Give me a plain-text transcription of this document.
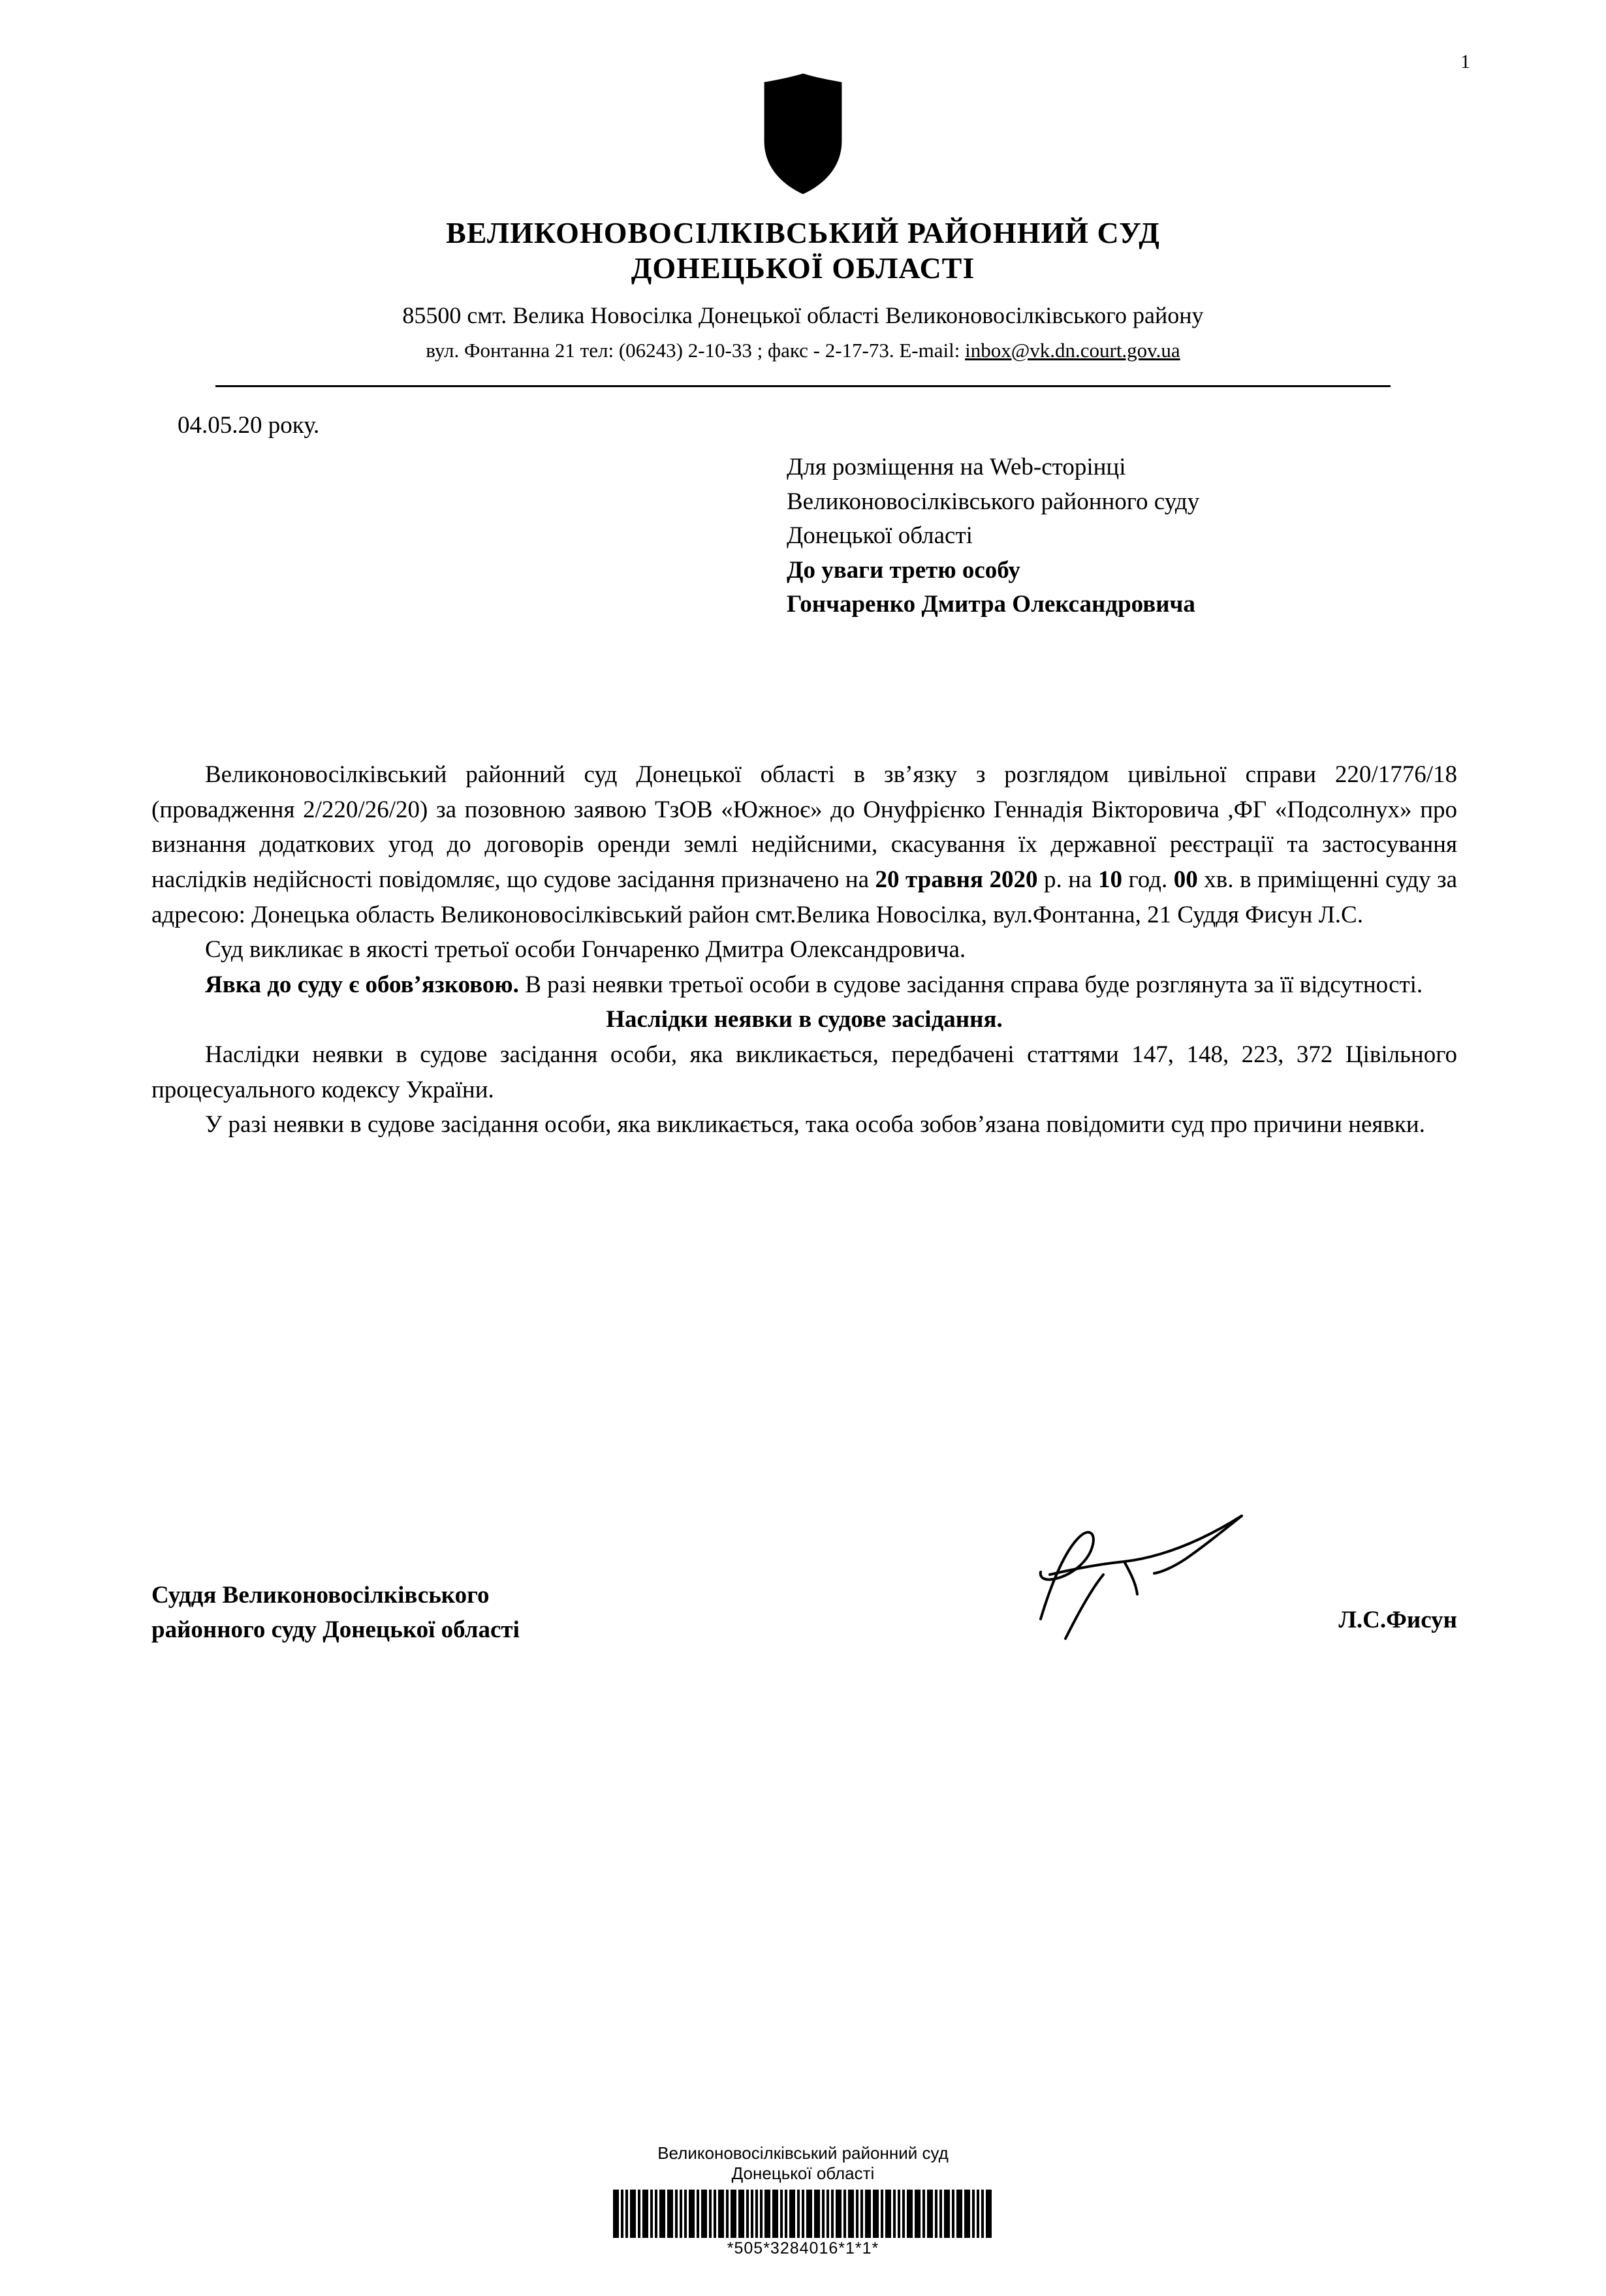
1
ВЕЛИКОНОВОСІЛКІВСЬКИЙ РАЙОННИЙ СУД
ДОНЕЦЬКОЇ ОБЛАСТІ
85500 смт. Велика Новосілка Донецької області Великоновосілківського району
вул. Фонтанна 21 тел: (06243) 2-10-33 ; факс - 2-17-73. E-mail: inbox@vk.dn.court.gov.ua
04.05.20 року.
Для розміщення на Web-сторінці
Великоновосілківського районного суду
Донецької області
До уваги третю особу
Гончаренко Дмитра Олександровича

Великоновосілківський районний суд Донецької області в зв’язку з розглядом цивільної справи 220/1776/18 (провадження 2/220/26/20) за позовною заявою ТзОВ «Южноє» до Онуфрієнко Геннадія Вікторовича ,ФГ «Подсолнух» про визнання додаткових угод до договорів оренди землі недійсними, скасування їх державної реєстрації та застосування наслідків недійсності повідомляє, що судове засідання призначено на 20 травня 2020 р. на 10 год. 00 хв. в приміщенні суду за адресою: Донецька область Великоновосілківський район смт.Велика Новосілка, вул.Фонтанна, 21 Суддя Фисун Л.С.

Суд викликає в якості третьої особи Гончаренко Дмитра Олександровича.

Явка до суду є обов’язковою. В разі неявки третьої особи в судове засідання справа буде розглянута за її відсутності.

Наслідки неявки в судове засідання.

Наслідки неявки в судове засідання особи, яка викликається, передбачені статтями 147, 148, 223, 372 Цівільного процесуального кодексу України.

У разі неявки в судове засідання особи, яка викликається, така особа зобов’язана повідомити суд про причини неявки.

Суддя Великоновосілківського
районного суду Донецької області	Л.С.Фисун
Великоновосілківський районний суд
Донецької області
*505*3284016*1*1*
